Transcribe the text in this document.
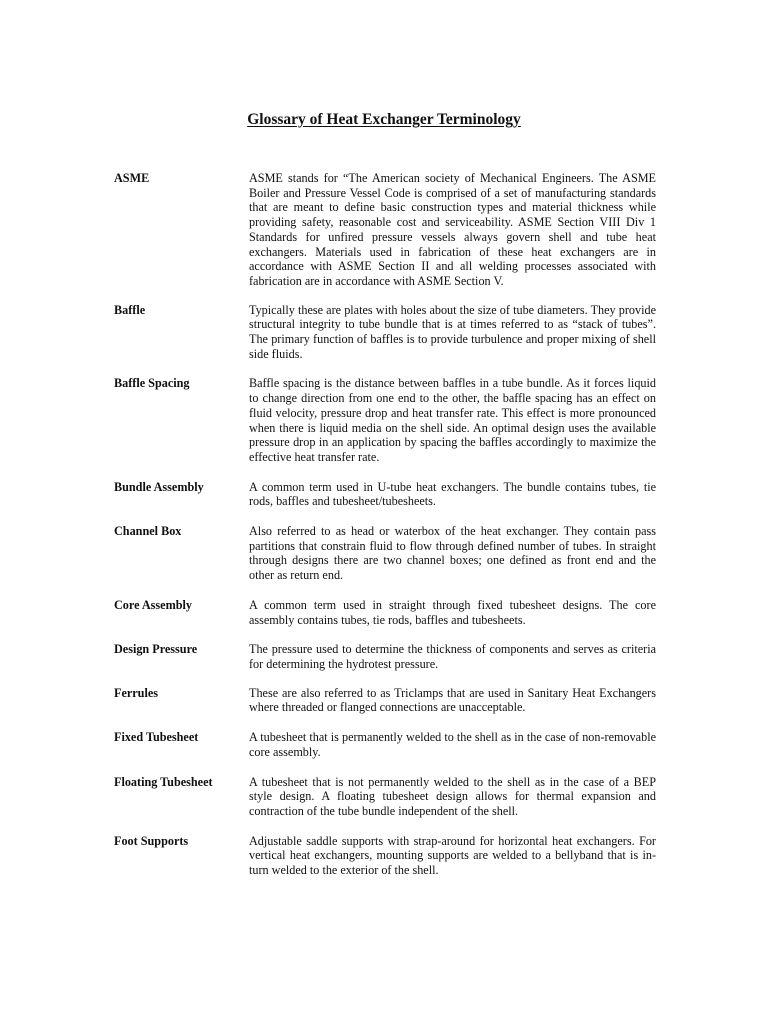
Glossary of Heat Exchanger Terminology
ASME	ASME stands for “The American society of Mechanical Engineers. The ASME Boiler and Pressure Vessel Code is comprised of a set of manufacturing standards that are meant to define basic construction types and material thickness while providing safety, reasonable cost and serviceability. ASME Section VIII Div 1 Standards for unfired pressure vessels always govern shell and tube heat exchangers. Materials used in fabrication of these heat exchangers are in accordance with ASME Section II and all welding processes associated with fabrication are in accordance with ASME Section V.

Baffle	Typically these are plates with holes about the size of tube diameters. They provide structural integrity to tube bundle that is at times referred to as “stack of tubes”. The primary function of baffles is to provide turbulence and proper mixing of shell side fluids.

Baffle Spacing	Baffle spacing is the distance between baffles in a tube bundle. As it forces liquid to change direction from one end to the other, the baffle spacing has an effect on fluid velocity, pressure drop and heat transfer rate. This effect is more pronounced when there is liquid media on the shell side. An optimal design uses the available pressure drop in an application by spacing the baffles accordingly to maximize the effective heat transfer rate.

Bundle Assembly	A common term used in U-tube heat exchangers. The bundle contains tubes, tie rods, baffles and tubesheet/tubesheets.

Channel Box	Also referred to as head or waterbox of the heat exchanger. They contain pass partitions that constrain fluid to flow through defined number of tubes. In straight through designs there are two channel boxes; one defined as front end and the other as return end.

Core Assembly	A common term used in straight through fixed tubesheet designs. The core assembly contains tubes, tie rods, baffles and tubesheets.

Design Pressure	The pressure used to determine the thickness of components and serves as criteria for determining the hydrotest pressure.

Ferrules	These are also referred to as Triclamps that are used in Sanitary Heat Exchangers where threaded or flanged connections are unacceptable.

Fixed Tubesheet	A tubesheet that is permanently welded to the shell as in the case of non-removable core assembly.

Floating Tubesheet	A tubesheet that is not permanently welded to the shell as in the case of a BEP style design. A floating tubesheet design allows for thermal expansion and contraction of the tube bundle independent of the shell.

Foot Supports	Adjustable saddle supports with strap-around for horizontal heat exchangers. For vertical heat exchangers, mounting supports are welded to a bellyband that is in-turn welded to the exterior of the shell.
